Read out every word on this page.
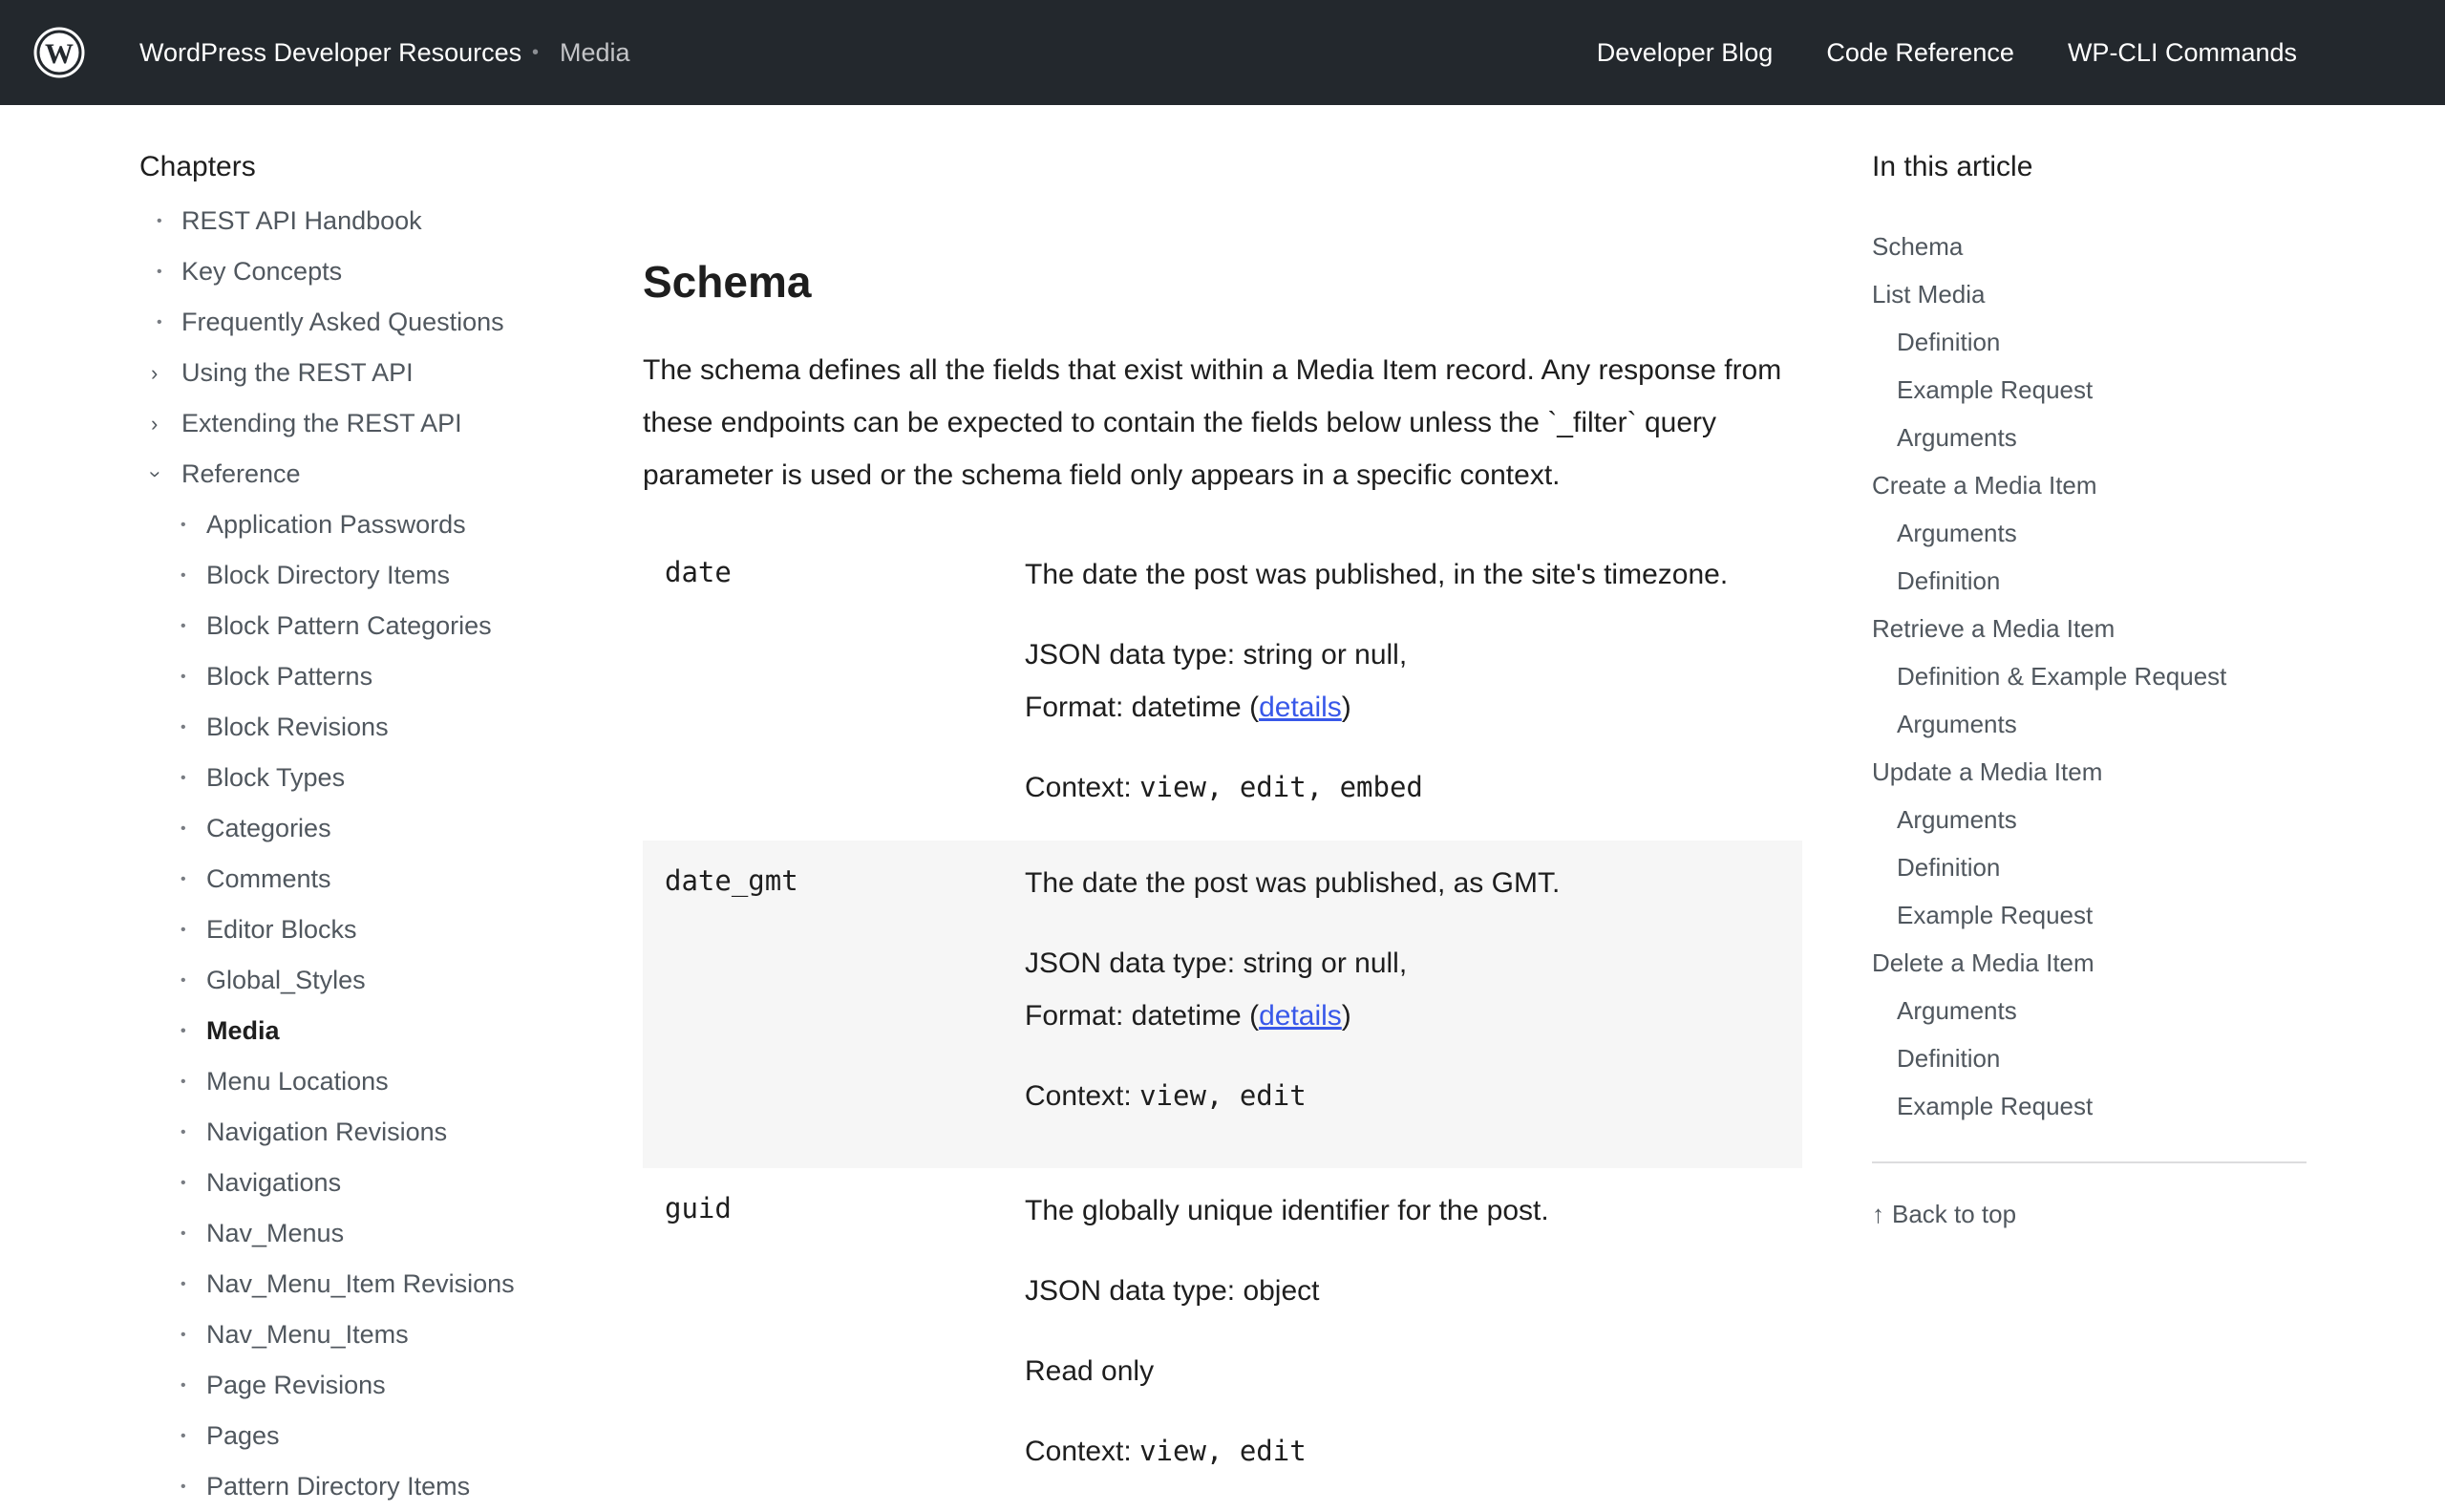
W	WordPress Developer Resources • Media	Developer Blog Code Reference WP-CLI Commands
Chapters
• REST API Handbook
• Key Concepts
• Frequently Asked Questions
› Using the REST API
› Extending the REST API
› Reference
• Application Passwords
• Block Directory Items
• Block Pattern Categories
• Block Patterns
• Block Revisions
• Block Types
• Categories
• Comments
• Editor Blocks
• Global_Styles
• Media
• Menu Locations
• Navigation Revisions
• Navigations
• Nav_Menus
• Nav_Menu_Item Revisions
• Nav_Menu_Items
• Page Revisions
• Pages
• Pattern Directory Items
Schema

The schema defines all the fields that exist within a Media Item record. Any response from these endpoints can be expected to contain the fields below unless the `_filter` query parameter is used or the schema field only appears in a specific context.

date	The date the post was published, in the site's timezone.

JSON data type: string or null,

Format: datetime (details)

Context: view, edit, embed

date_gmt	The date the post was published, as GMT.

JSON data type: string or null,

Format: datetime (details)

Context: view, edit

guid	The globally unique identifier for the post.

JSON data type: object

Read only

Context: view, edit

In this article
Schema
List Media
Definition
Example Request
Arguments
Create a Media Item
Arguments
Definition
Retrieve a Media Item
Definition & Example Request
Arguments
Update a Media Item
Arguments
Definition
Example Request
Delete a Media Item
Arguments
Definition
Example Request
↑ Back to top
